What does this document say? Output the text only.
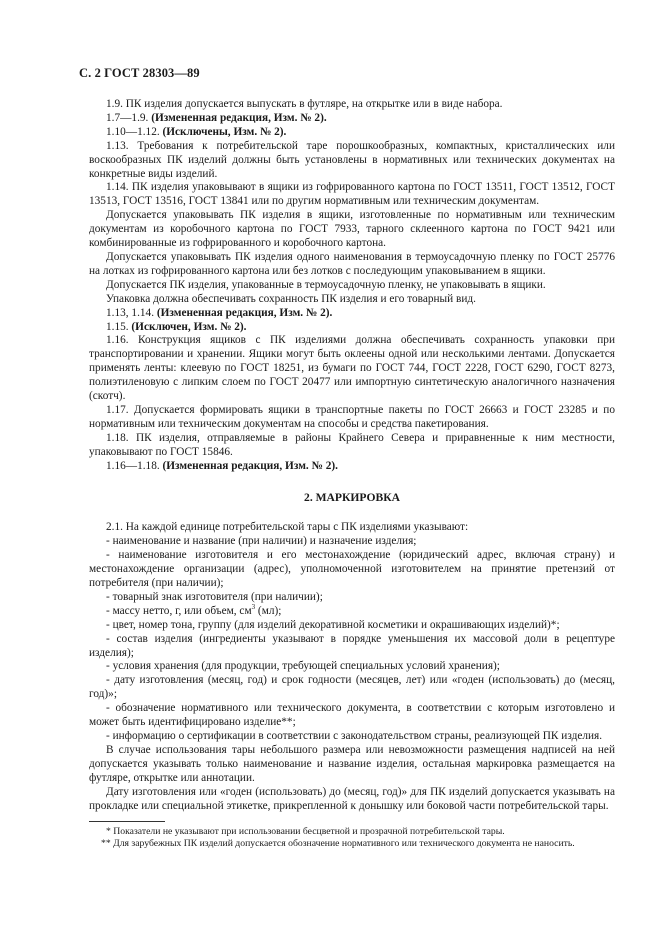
С. 2 ГОСТ 28303—89

1.9. ПК изделия допускается выпускать в футляре, на открытке или в виде набора.

1.7—1.9. (Измененная редакция, Изм. № 2).

1.10—1.12. (Исключены, Изм. № 2).

1.13. Требования к потребительской таре порошкообразных, компактных, кристаллических или воскообразных ПК изделий должны быть установлены в нормативных или технических документах на конкретные виды изделий.

1.14. ПК изделия упаковывают в ящики из гофрированного картона по ГОСТ 13511, ГОСТ 13512, ГОСТ 13513, ГОСТ 13516, ГОСТ 13841 или по другим нормативным или техническим документам.

Допускается упаковывать ПК изделия в ящики, изготовленные по нормативным или техническим документам из коробочного картона по ГОСТ 7933, тарного склеенного картона по ГОСТ 9421 или комбинированные из гофрированного и коробочного картона.

Допускается упаковывать ПК изделия одного наименования в термоусадочную пленку по ГОСТ 25776 на лотках из гофрированного картона или без лотков с последующим упаковыванием в ящики.

Допускается ПК изделия, упакованные в термоусадочную пленку, не упаковывать в ящики.

Упаковка должна обеспечивать сохранность ПК изделия и его товарный вид.

1.13, 1.14. (Измененная редакция, Изм. № 2).

1.15. (Исключен, Изм. № 2).

1.16. Конструкция ящиков с ПК изделиями должна обеспечивать сохранность упаковки при транспортировании и хранении. Ящики могут быть оклеены одной или несколькими лентами. Допускается применять ленты: клеевую по ГОСТ 18251, из бумаги по ГОСТ 744, ГОСТ 2228, ГОСТ 6290, ГОСТ 8273, полиэтиленовую с липким слоем по ГОСТ 20477 или импортную синтетическую аналогичного назначения (скотч).

1.17. Допускается формировать ящики в транспортные пакеты по ГОСТ 26663 и ГОСТ 23285 и по нормативным или техническим документам на способы и средства пакетирования.

1.18. ПК изделия, отправляемые в районы Крайнего Севера и приравненные к ним местности, упаковывают по ГОСТ 15846.

1.16—1.18. (Измененная редакция, Изм. № 2).

2. МАРКИРОВКА

2.1. На каждой единице потребительской тары с ПК изделиями указывают:

- наименование и название (при наличии) и назначение изделия;

- наименование изготовителя и его местонахождение (юридический адрес, включая страну) и местонахождение организации (адрес), уполномоченной изготовителем на принятие претензий от потребителя (при наличии);

- товарный знак изготовителя (при наличии);

- массу нетто, г, или объем, $см^3$ (мл);

- цвет, номер тона, группу (для изделий декоративной косметики и окрашивающих изделий)*;

- состав изделия (ингредиенты указывают в порядке уменьшения их массовой доли в рецептуре изделия);

- условия хранения (для продукции, требующей специальных условий хранения);

- дату изготовления (месяц, год) и срок годности (месяцев, лет) или «годен (использовать) до (месяц, год)»;

- обозначение нормативного или технического документа, в соответствии с которым изготовлено и может быть идентифицировано изделие**;

- информацию о сертификации в соответствии с законодательством страны, реализующей ПК изделия.

В случае использования тары небольшого размера или невозможности размещения надписей на ней допускается указывать только наименование и название изделия, остальная маркировка размещается на футляре, открытке или аннотации.

Дату изготовления или «годен (использовать) до (месяц, год)» для ПК изделий допускается указывать на прокладке или специальной этикетке, прикрепленной к донышку или боковой части потребительской тары.

* Показатели не указывают при использовании бесцветной и прозрачной потребительской тары.
** Для зарубежных ПК изделий допускается обозначение нормативного или технического документа не наносить.
